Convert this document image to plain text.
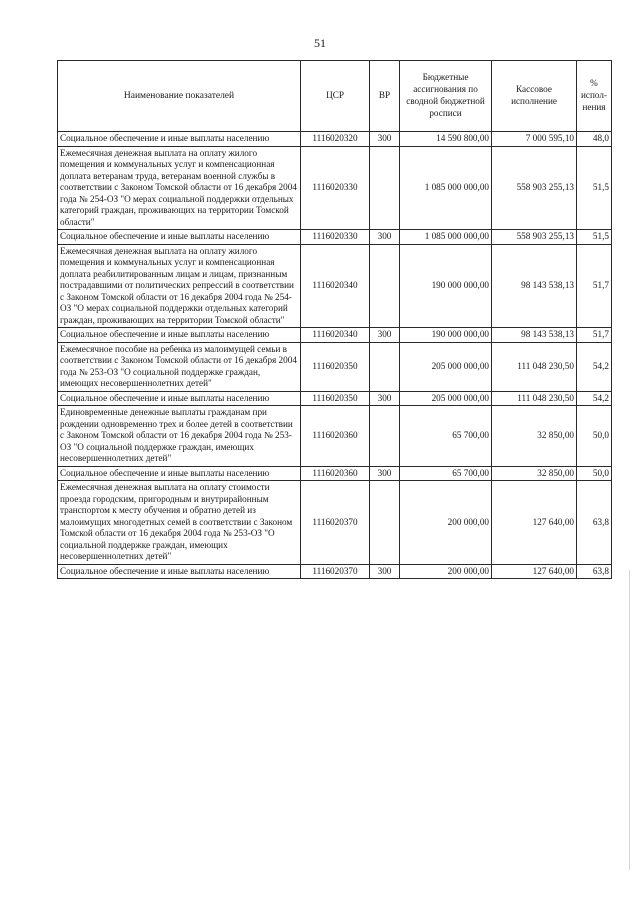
51
Наименование показателей	ЦСР	ВР	Бюджетные ассигнования по сводной бюджетной росписи	Кассовое исполнение	% испол-нения
Социальное обеспечение и иные выплаты населению	1116020320	300	14 590 800,00	7 000 595,10	48,0
Ежемесячная денежная выплата на оплату жилого помещения и коммунальных услуг и компенсационная доплата ветеранам труда, ветеранам военной службы в соответствии с Законом Томской области от 16 декабря 2004 года № 254-ОЗ "О мерах социальной поддержки отдельных категорий граждан, проживающих на территории Томской области"	1116020330		1 085 000 000,00	558 903 255,13	51,5
Социальное обеспечение и иные выплаты населению	1116020330	300	1 085 000 000,00	558 903 255,13	51,5
Ежемесячная денежная выплата на оплату жилого помещения и коммунальных услуг и компенсационная доплата реабилитированным лицам и лицам, признанным пострадавшими от политических репрессий в соответствии с Законом Томской области от 16 декабря 2004 года № 254-ОЗ "О мерах социальной поддержки отдельных категорий граждан, проживающих на территории Томской области"	1116020340		190 000 000,00	98 143 538,13	51,7
Социальное обеспечение и иные выплаты населению	1116020340	300	190 000 000,00	98 143 538,13	51,7
Ежемесячное пособие на ребенка из малоимущей семьи в соответствии с Законом Томской области от 16 декабря 2004 года № 253-ОЗ "О социальной поддержке граждан, имеющих несовершеннолетних детей"	1116020350		205 000 000,00	111 048 230,50	54,2
Социальное обеспечение и иные выплаты населению	1116020350	300	205 000 000,00	111 048 230,50	54,2
Единовременные денежные выплаты гражданам при рождении одновременно трех и более детей в соответствии с Законом Томской области от 16 декабря 2004 года № 253-ОЗ "О социальной поддержке граждан, имеющих несовершеннолетних детей"	1116020360		65 700,00	32 850,00	50,0
Социальное обеспечение и иные выплаты населению	1116020360	300	65 700,00	32 850,00	50,0
Ежемесячная денежная выплата на оплату стоимости проезда городским, пригородным и внутрирайонным транспортом к месту обучения и обратно детей из малоимущих многодетных семей в соответствии с Законом Томской области от 16 декабря 2004 года № 253-ОЗ "О социальной поддержке граждан, имеющих несовершеннолетних детей"	1116020370		200 000,00	127 640,00	63,8
Социальное обеспечение и иные выплаты населению	1116020370	300	200 000,00	127 640,00	63,8
